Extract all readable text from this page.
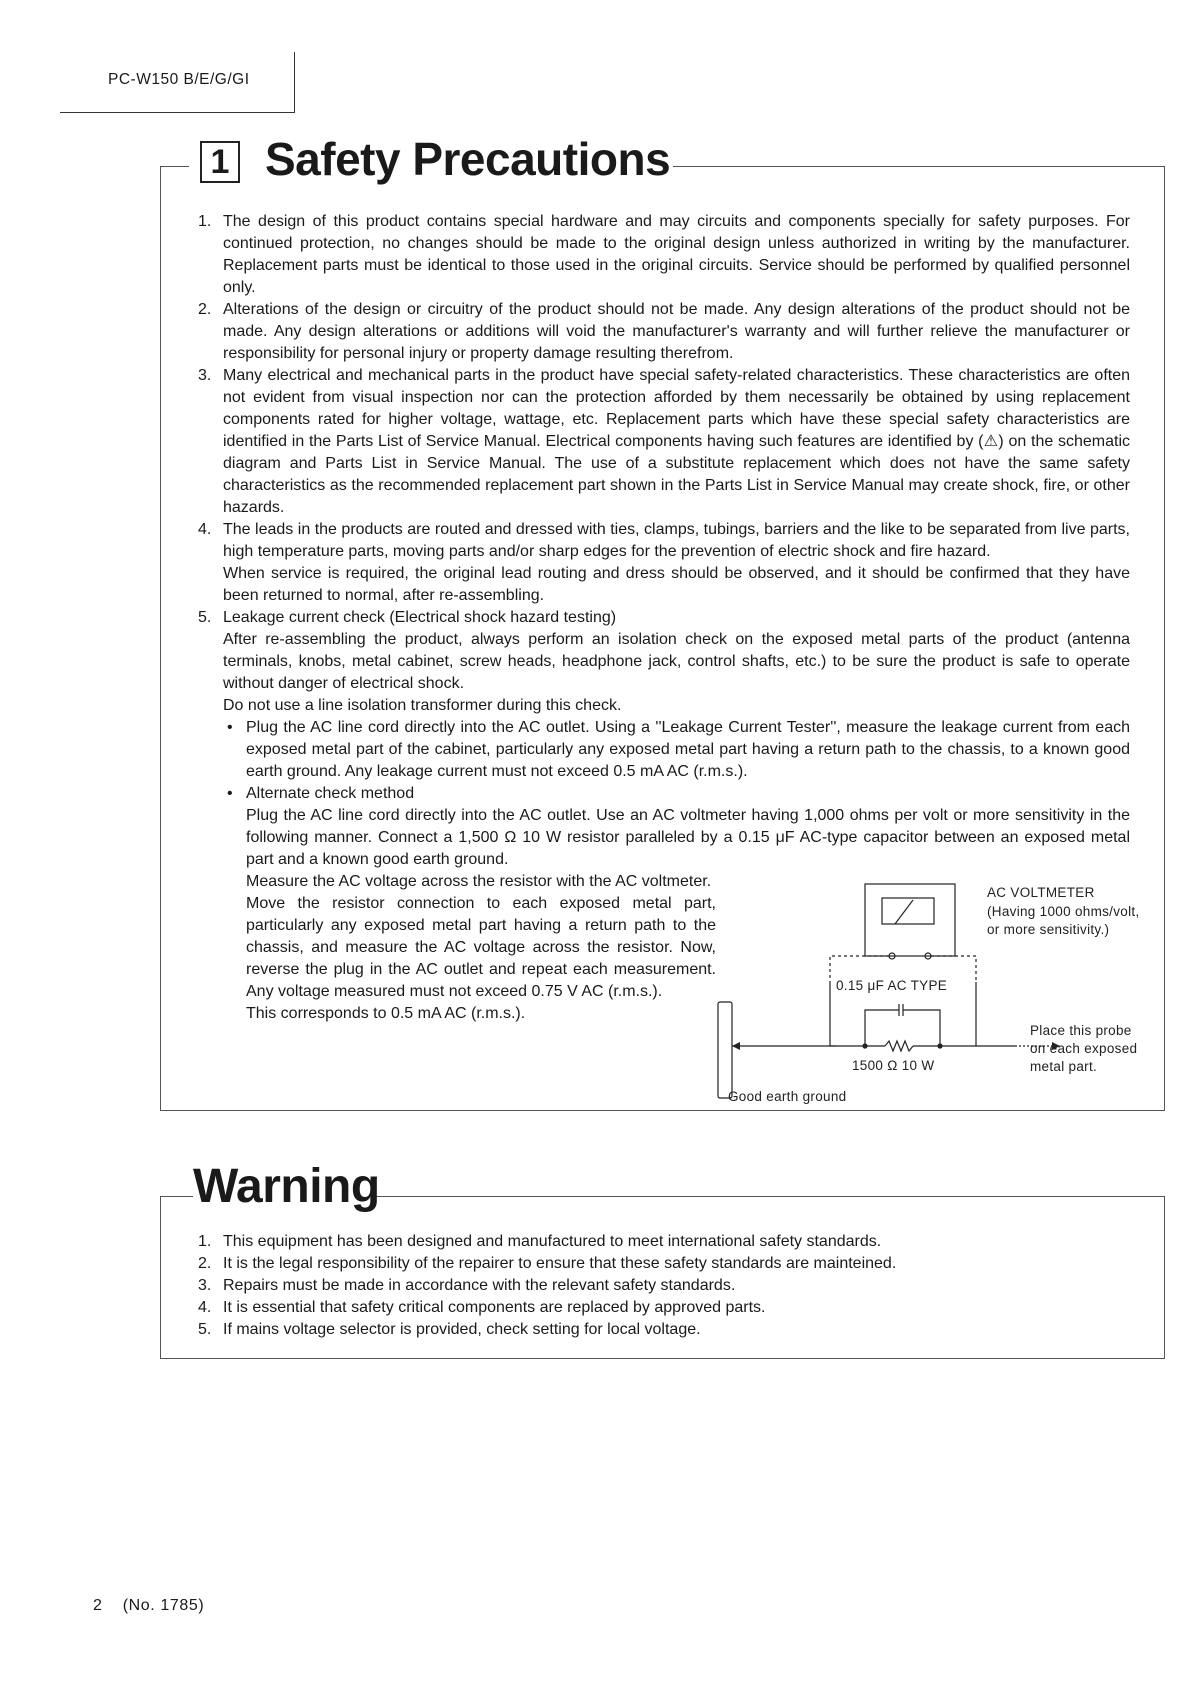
PC-W150 B/E/G/GI
1 Safety Precautions
1. The design of this product contains special hardware and may circuits and components specially for safety purposes. For continued protection, no changes should be made to the original design unless authorized in writing by the manufacturer. Replacement parts must be identical to those used in the original circuits. Service should be performed by qualified personnel only.

2. Alterations of the design or circuitry of the product should not be made. Any design alterations of the product should not be made. Any design alterations or additions will void the manufacturer's warranty and will further relieve the manufacturer or responsibility for personal injury or property damage resulting therefrom.

3. Many electrical and mechanical parts in the product have special safety-related characteristics. These characteristics are often not evident from visual inspection nor can the protection afforded by them necessarily be obtained by using replacement components rated for higher voltage, wattage, etc. Replacement parts which have these special safety characteristics are identified in the Parts List of Service Manual. Electrical components having such features are identified by (⚠) on the schematic diagram and Parts List in Service Manual. The use of a substitute replacement which does not have the same safety characteristics as the recommended replacement part shown in the Parts List in Service Manual may create shock, fire, or other hazards.

4. The leads in the products are routed and dressed with ties, clamps, tubings, barriers and the like to be separated from live parts, high temperature parts, moving parts and/or sharp edges for the prevention of electric shock and fire hazard.

When service is required, the original lead routing and dress should be observed, and it should be confirmed that they have been returned to normal, after re-assembling.

5. Leakage current check (Electrical shock hazard testing)

After re-assembling the product, always perform an isolation check on the exposed metal parts of the product (antenna terminals, knobs, metal cabinet, screw heads, headphone jack, control shafts, etc.) to be sure the product is safe to operate without danger of electrical shock.

Do not use a line isolation transformer during this check.

• Plug the AC line cord directly into the AC outlet. Using a ''Leakage Current Tester'', measure the leakage current from each exposed metal part of the cabinet, particularly any exposed metal part having a return path to the chassis, to a known good earth ground. Any leakage current must not exceed 0.5 mA AC (r.m.s.).

• Alternate check method

Plug the AC line cord directly into the AC outlet. Use an AC voltmeter having 1,000 ohms per volt or more sensitivity in the following manner. Connect a 1,500 Ω 10 W resistor paralleled by a 0.15 μF AC-type capacitor between an exposed metal part and a known good earth ground.

Measure the AC voltage across the resistor with the AC voltmeter.

Move the resistor connection to each exposed metal part, particularly any exposed metal part having a return path to the chassis, and measure the AC voltage across the resistor. Now, reverse the plug in the AC outlet and repeat each measurement. Any voltage measured must not exceed 0.75 V AC (r.m.s.).

This corresponds to 0.5 mA AC (r.m.s.).

AC VOLTMETER
(Having 1000 ohms/volt,
or more sensitivity.)
0.15 μF AC TYPE
1500 Ω 10 W
Place this probe
on each exposed
metal part.
Good earth ground
Warning
1. This equipment has been designed and manufactured to meet international safety standards.

2. It is the legal responsibility of the repairer to ensure that these safety standards are mainteined.

3. Repairs must be made in accordance with the relevant safety standards.

4. It is essential that safety critical components are replaced by approved parts.

5. If mains voltage selector is provided, check setting for local voltage.

2 (No. 1785)
